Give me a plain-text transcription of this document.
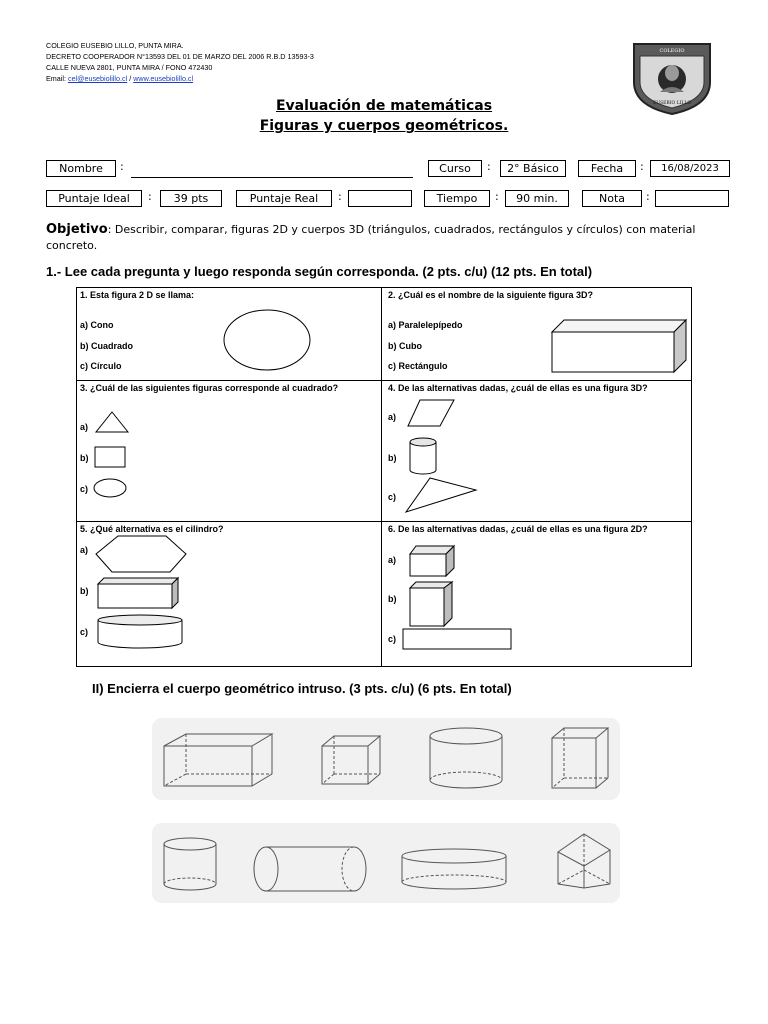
COLEGIO EUSEBIO LILLO, PUNTA MIRA.
DECRETO COOPERADOR N°13593 DEL 01 DE MARZO DEL 2006 R.B.D 13593-3
CALLE NUEVA 2801, PUNTA MIRA / FONO 472430
Email: cel@eusebiolillo.cl / www.eusebiolillo.cl
COLEGIO
EUSEBIO LILLO
Evaluación de matemáticas
Figuras y cuerpos geométricos.
Nombre	:	Curso	:	2° Básico	Fecha	:	16/08/2023
Puntaje Ideal	:	39 pts	Puntaje Real	:	Tiempo	:	90 min.	Nota	:
Objetivo: Describir, comparar, figuras 2D y cuerpos 3D (triángulos, cuadrados, rectángulos y círculos) con material concreto.
1.- Lee cada pregunta y luego responda según corresponda. (2 pts. c/u) (12 pts. En total)
1. Esta figura 2 D se llama:
a) Cono
b) Cuadrado
c) Círculo
2. ¿Cuál es el nombre de la siguiente figura 3D?
a) Paralelepípedo
b) Cubo
c) Rectángulo
3. ¿Cuál de las siguientes figuras corresponde al cuadrado?
a)
b)
c)
4. De las alternativas dadas, ¿cuál de ellas es una figura 3D?
a)
b)
c)
5. ¿Qué alternativa es el cilindro?
a)
b)
c)
6. De las alternativas dadas, ¿cuál de ellas es una figura 2D?
a)
b)
c)
II) Encierra el cuerpo geométrico intruso. (3 pts. c/u) (6 pts. En total)
